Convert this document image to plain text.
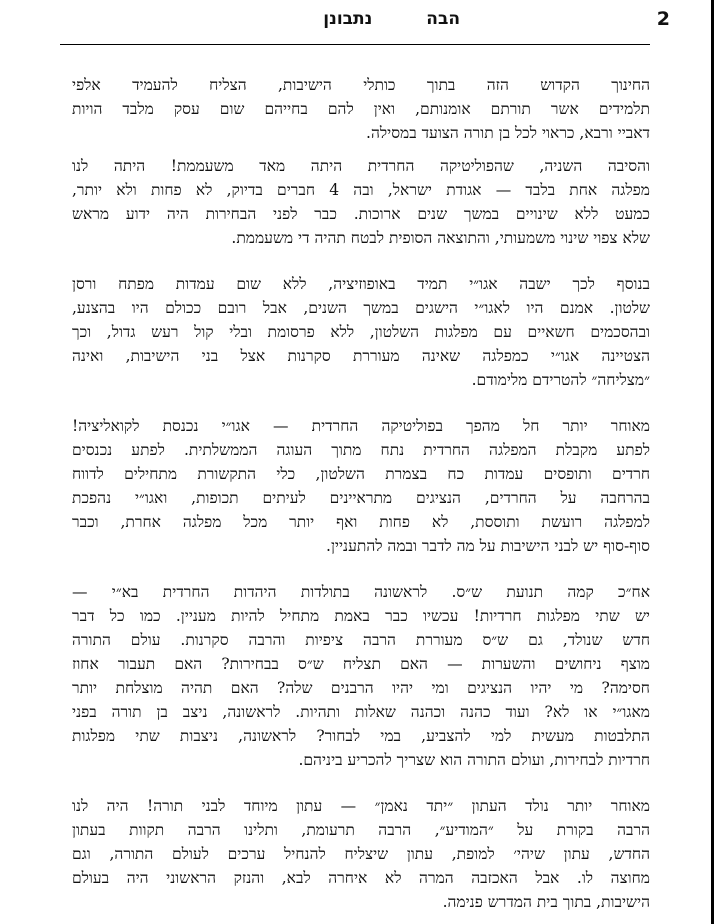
2
הבה נתבונן

החינוך הקדוש הזה בתוך כותלי הישיבות, הצליח להעמיד אלפי
תלמידים אשר תורתם אומנותם, ואין להם בחייהם שום עסק מלבד הויות
דאביי ורבא, כראוי לכל בן תורה הצועד במסילה.

והסיבה השניה, שהפוליטיקה החרדית היתה מאד משעממת! היתה לנו
מפלגה אחת בלבד — אגודת ישראל, ובה 4 חברים בדיוק, לא פחות ולא יותר,
כמעט ללא שינויים במשך שנים ארוכות. כבר לפני הבחירות היה ידוע מראש
שלא צפוי שינוי משמעותי, והתוצאה הסופית לבטח תהיה די משעממת.

בנוסף לכך ישבה אגו״י תמיד באופוזיציה, ללא שום עמדות מפתח ורסן
שלטון. אמנם היו לאגו״י הישגים במשך השנים, אבל רובם ככולם היו בהצנע,
ובהסכמים חשאיים עם מפלגות השלטון, ללא פרסומת ובלי קול רעש גדול, וכך
הצטיינה אגו״י כמפלגה שאינה מעוררת סקרנות אצל בני הישיבות, ואינה
״מצליחה״ להטרידם מלימודם.

מאוחר יותר חל מהפך בפוליטיקה החרדית — אגו״י נכנסת לקואליציה!
לפתע מקבלת המפלגה החרדית נתח מתוך העוגה הממשלתית. לפתע נכנסים
חרדים ותופסים עמדות כח בצמרת השלטון, כלי התקשורת מתחילים לדווח
בהרחבה על החרדים, הנציגים מתראיינים לעיתים תכופות, ואגו״י נהפכת
למפלגה רועשת ותוססת, לא פחות ואף יותר מכל מפלגה אחרת, וכבר
סוף-סוף יש לבני הישיבות על מה לדבר ובמה להתעניין.

אח״כ קמה תנועת ש״ס. לראשונה בתולדות היהדות החרדית בא״י —
יש שתי מפלגות חרדיות! עכשיו כבר באמת מתחיל להיות מעניין. כמו כל דבר
חדש שנולד, גם ש״ס מעוררת הרבה ציפיות והרבה סקרנות. עולם התורה
מוצף ניחושים והשערות — האם תצליח ש״ס בבחירות? האם תעבור אחוז
חסימה? מי יהיו הנציגים ומי יהיו הרבנים שלה? האם תהיה מוצלחת יותר
מאגו״י או לא? ועוד כהנה וכהנה שאלות ותהיות. לראשונה, ניצב בן תורה בפני
התלבטות מעשית למי להצביע, במי לבחור? לראשונה, ניצבות שתי מפלגות
חרדיות לבחירות, ועולם התורה הוא שצריך להכריע ביניהם.

מאוחר יותר נולד העתון ״יתד נאמן״ — עתון מיוחד לבני תורה! היה לנו
הרבה בקורת על ״המודיע״, הרבה תרעומת, ותלינו הרבה תקוות בעתון
החדש, עתון שיהי׳ למופת, עתון שיצליח להנחיל ערכים לעולם התורה, וגם
מחוצה לו. אבל האכזבה המרה לא איחרה לבא, והנזק הראשוני היה בעולם
הישיבות, בתוך בית המדרש פנימה.
